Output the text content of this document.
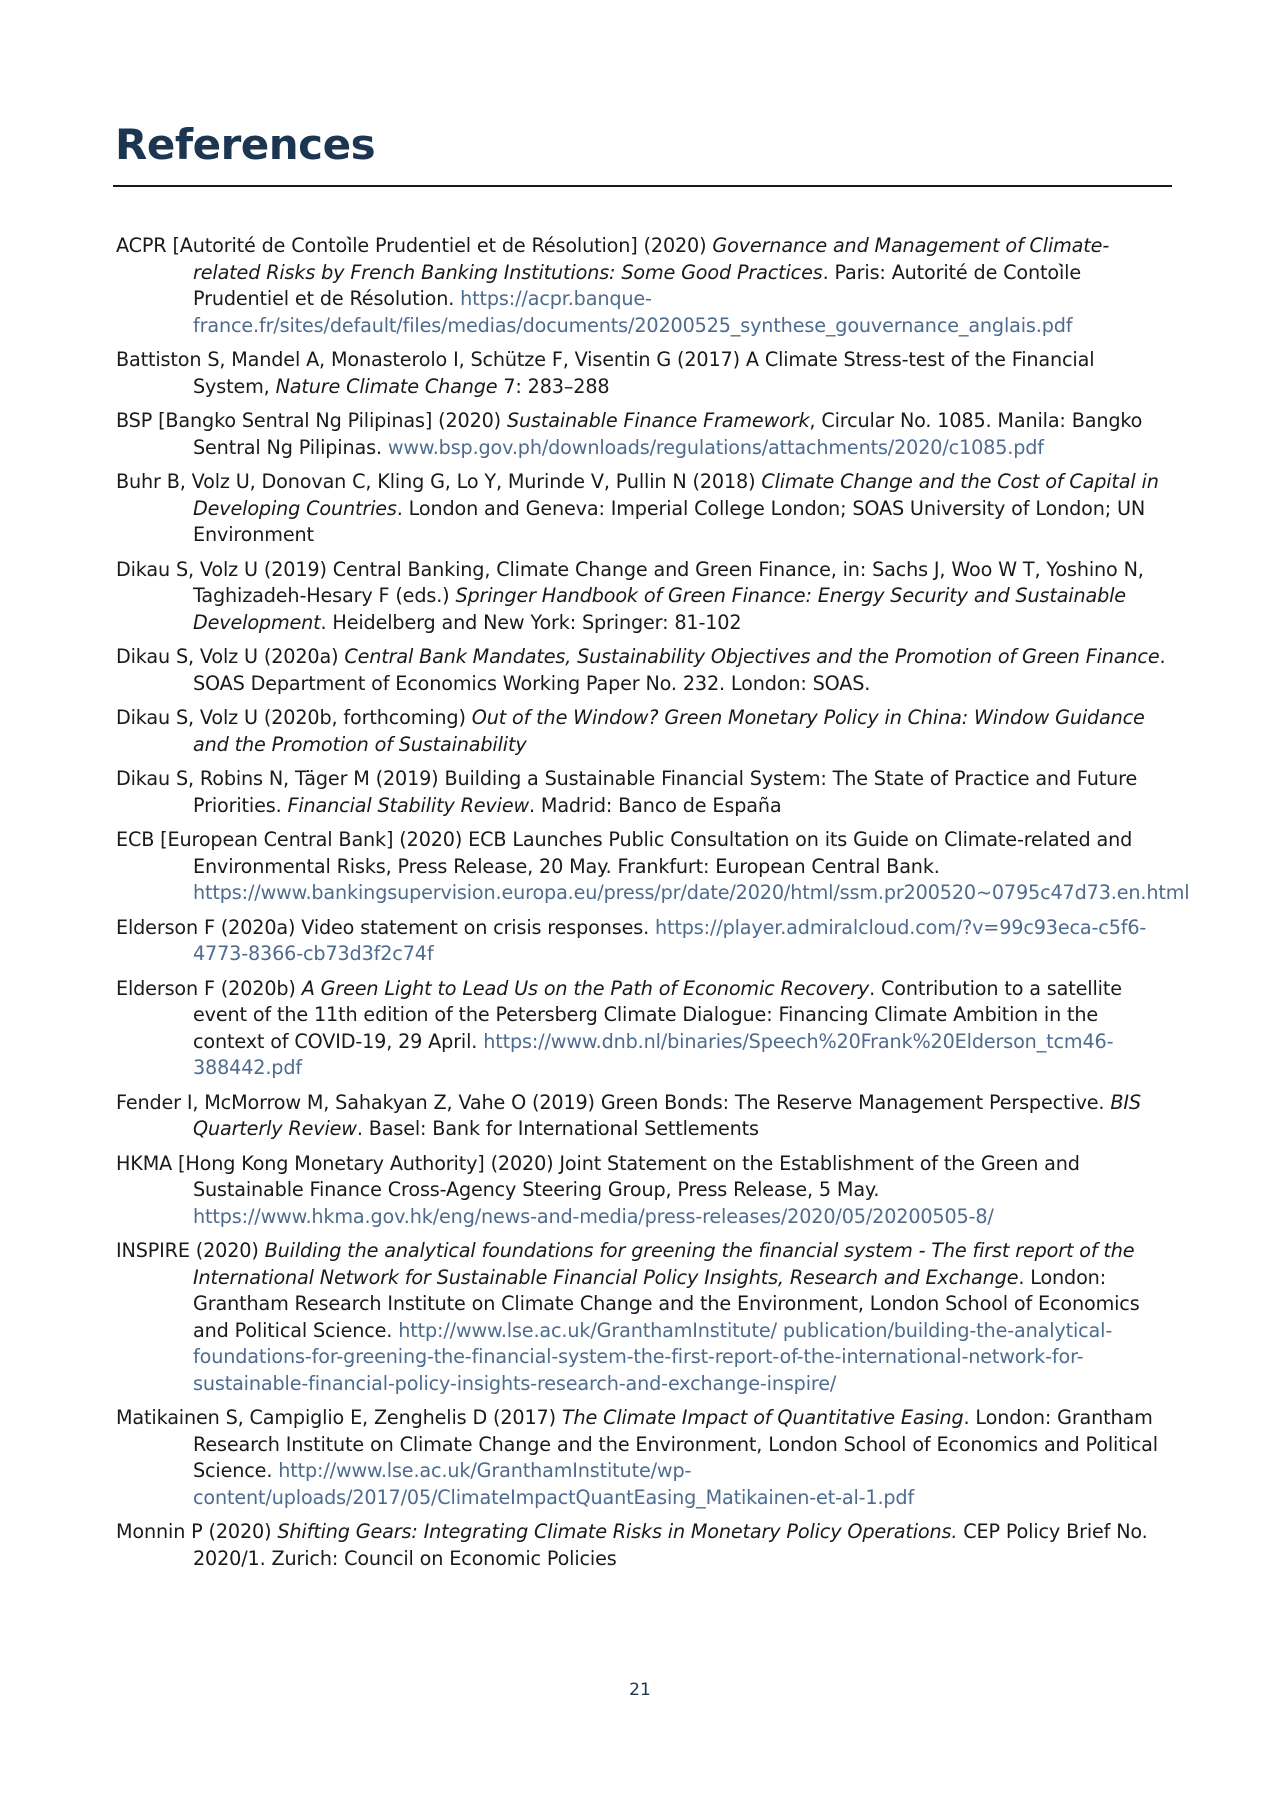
References
ACPR [Autorité de Contoi̇̀le Prudentiel et de Résolution] (2020) Governance and Management of Climate-related Risks by French Banking Institutions: Some Good Practices. Paris: Autorité de Contoi̇̀le Prudentiel et de Résolution. https://acpr.banque-france.fr/sites/default/files/medias/documents/20200525_synthese_gouvernance_anglais.pdf
Battiston S, Mandel A, Monasterolo I, Schütze F, Visentin G (2017) A Climate Stress-test of the Financial System, Nature Climate Change 7: 283–288
BSP [Bangko Sentral Ng Pilipinas] (2020) Sustainable Finance Framework, Circular No. 1085. Manila: Bangko Sentral Ng Pilipinas. www.bsp.gov.ph/downloads/regulations/attachments/2020/c1085.pdf
Buhr B, Volz U, Donovan C, Kling G, Lo Y, Murinde V, Pullin N (2018) Climate Change and the Cost of Capital in Developing Countries. London and Geneva: Imperial College London; SOAS University of London; UN Environment
Dikau S, Volz U (2019) Central Banking, Climate Change and Green Finance, in: Sachs J, Woo W T, Yoshino N, Taghizadeh-Hesary F (eds.) Springer Handbook of Green Finance: Energy Security and Sustainable Development. Heidelberg and New York: Springer: 81-102
Dikau S, Volz U (2020a) Central Bank Mandates, Sustainability Objectives and the Promotion of Green Finance. SOAS Department of Economics Working Paper No. 232. London: SOAS.
Dikau S, Volz U (2020b, forthcoming) Out of the Window? Green Monetary Policy in China: Window Guidance and the Promotion of Sustainability
Dikau S, Robins N, Täger M (2019) Building a Sustainable Financial System: The State of Practice and Future Priorities. Financial Stability Review. Madrid: Banco de España
ECB [European Central Bank] (2020) ECB Launches Public Consultation on its Guide on Climate-related and Environmental Risks, Press Release, 20 May. Frankfurt: European Central Bank. https://www.bankingsupervision.europa.eu/press/pr/date/2020/html/ssm.pr200520~0795c47d73.en.html
Elderson F (2020a) Video statement on crisis responses. https://player.admiralcloud.com/?v=99c93eca-c5f6-4773-8366-cb73d3f2c74f
Elderson F (2020b) A Green Light to Lead Us on the Path of Economic Recovery. Contribution to a satellite event of the 11th edition of the Petersberg Climate Dialogue: Financing Climate Ambition in the context of COVID-19, 29 April. https://www.dnb.nl/binaries/Speech%20Frank%20Elderson_tcm46-388442.pdf
Fender I, McMorrow M, Sahakyan Z, Vahe O (2019) Green Bonds: The Reserve Management Perspective. BIS Quarterly Review. Basel: Bank for International Settlements
HKMA [Hong Kong Monetary Authority] (2020) Joint Statement on the Establishment of the Green and Sustainable Finance Cross-Agency Steering Group, Press Release, 5 May. https://www.hkma.gov.hk/eng/news-and-media/press-releases/2020/05/20200505-8/
INSPIRE (2020) Building the analytical foundations for greening the financial system - The first report of the International Network for Sustainable Financial Policy Insights, Research and Exchange. London: Grantham Research Institute on Climate Change and the Environment, London School of Economics and Political Science. http://www.lse.ac.uk/GranthamInstitute/ publication/building-the-analytical-foundations-for-greening-the-financial-system-the-first-report-of-the-international-network-for-sustainable-financial-policy-insights-research-and-exchange-inspire/
Matikainen S, Campiglio E, Zenghelis D (2017) The Climate Impact of Quantitative Easing. London: Grantham Research Institute on Climate Change and the Environment, London School of Economics and Political Science. http://www.lse.ac.uk/GranthamInstitute/wp-content/uploads/2017/05/ClimateImpactQuantEasing_Matikainen-et-al-1.pdf
Monnin P (2020) Shifting Gears: Integrating Climate Risks in Monetary Policy Operations. CEP Policy Brief No. 2020/1. Zurich: Council on Economic Policies
21
